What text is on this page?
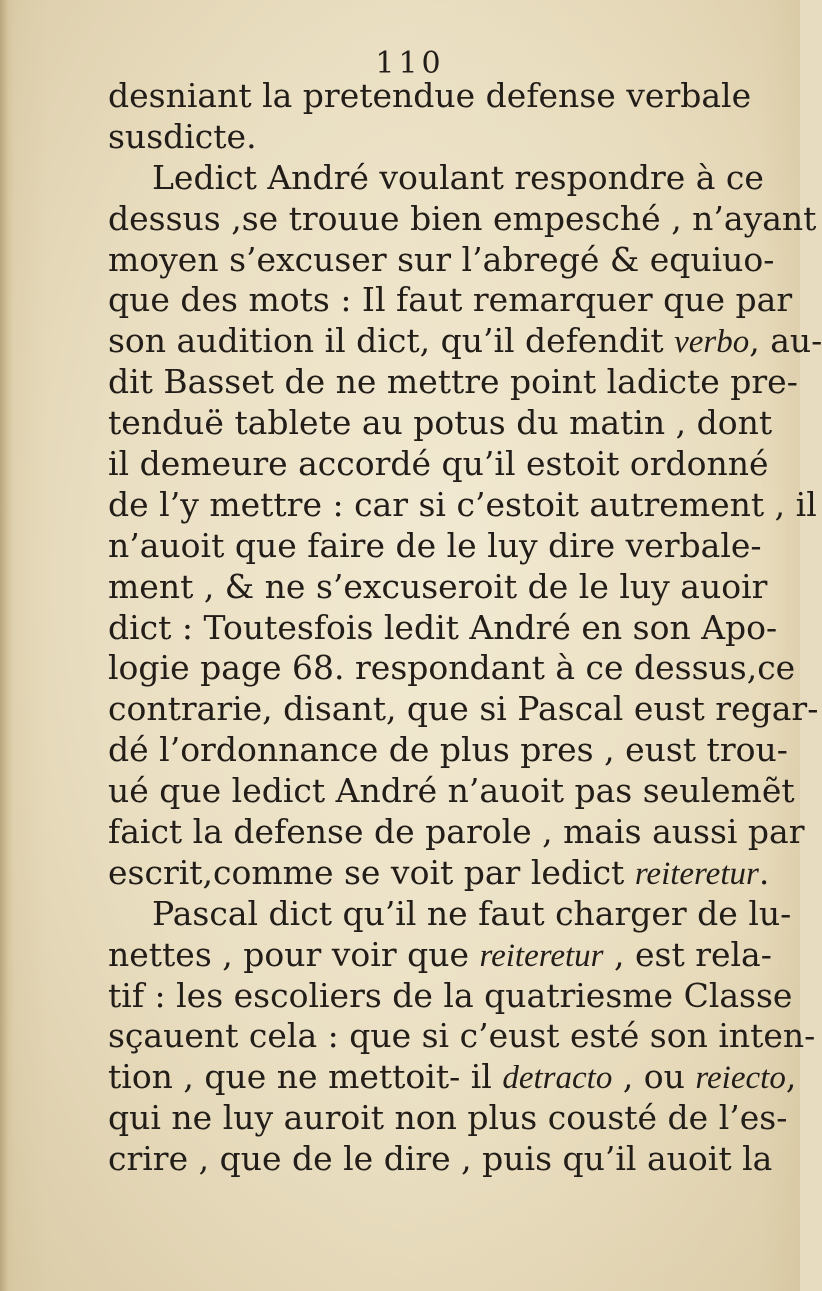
110
desniant la pretendue defense verbale
susdicte.
Ledict André voulant respondre à ce
dessus ,se trouue bien empesché , n’ayant
moyen s’excuser sur l’abregé & equiuo-
que des mots : Il faut remarquer que par
son audition il dict, qu’il defendit verbo, au-
dit Basset de ne mettre point ladicte pre-
tenduë tablete au potus du matin , dont
il demeure accordé qu’il estoit ordonné
de l’y mettre : car si c’estoit autrement , il
n’auoit que faire de le luy dire verbale-
ment , & ne s’excuseroit de le luy auoir
dict : Toutesfois ledit André en son Apo-
logie page 68. respondant à ce dessus,ce
contrarie, disant, que si Pascal eust regar-
dé l’ordonnance de plus pres , eust trou-
ué que ledict André n’auoit pas seulemẽt
faict la defense de parole , mais aussi par
escrit,comme se voit par ledict reiteretur.
Pascal dict qu’il ne faut charger de lu-
nettes , pour voir que reiteretur , est rela-
tif : les escoliers de la quatriesme Classe
sçauent cela : que si c’eust esté son inten-
tion , que ne mettoit- il detracto , ou reiecto,
qui ne luy auroit non plus cousté de l’es-
crire , que de le dire , puis qu’il auoit la
